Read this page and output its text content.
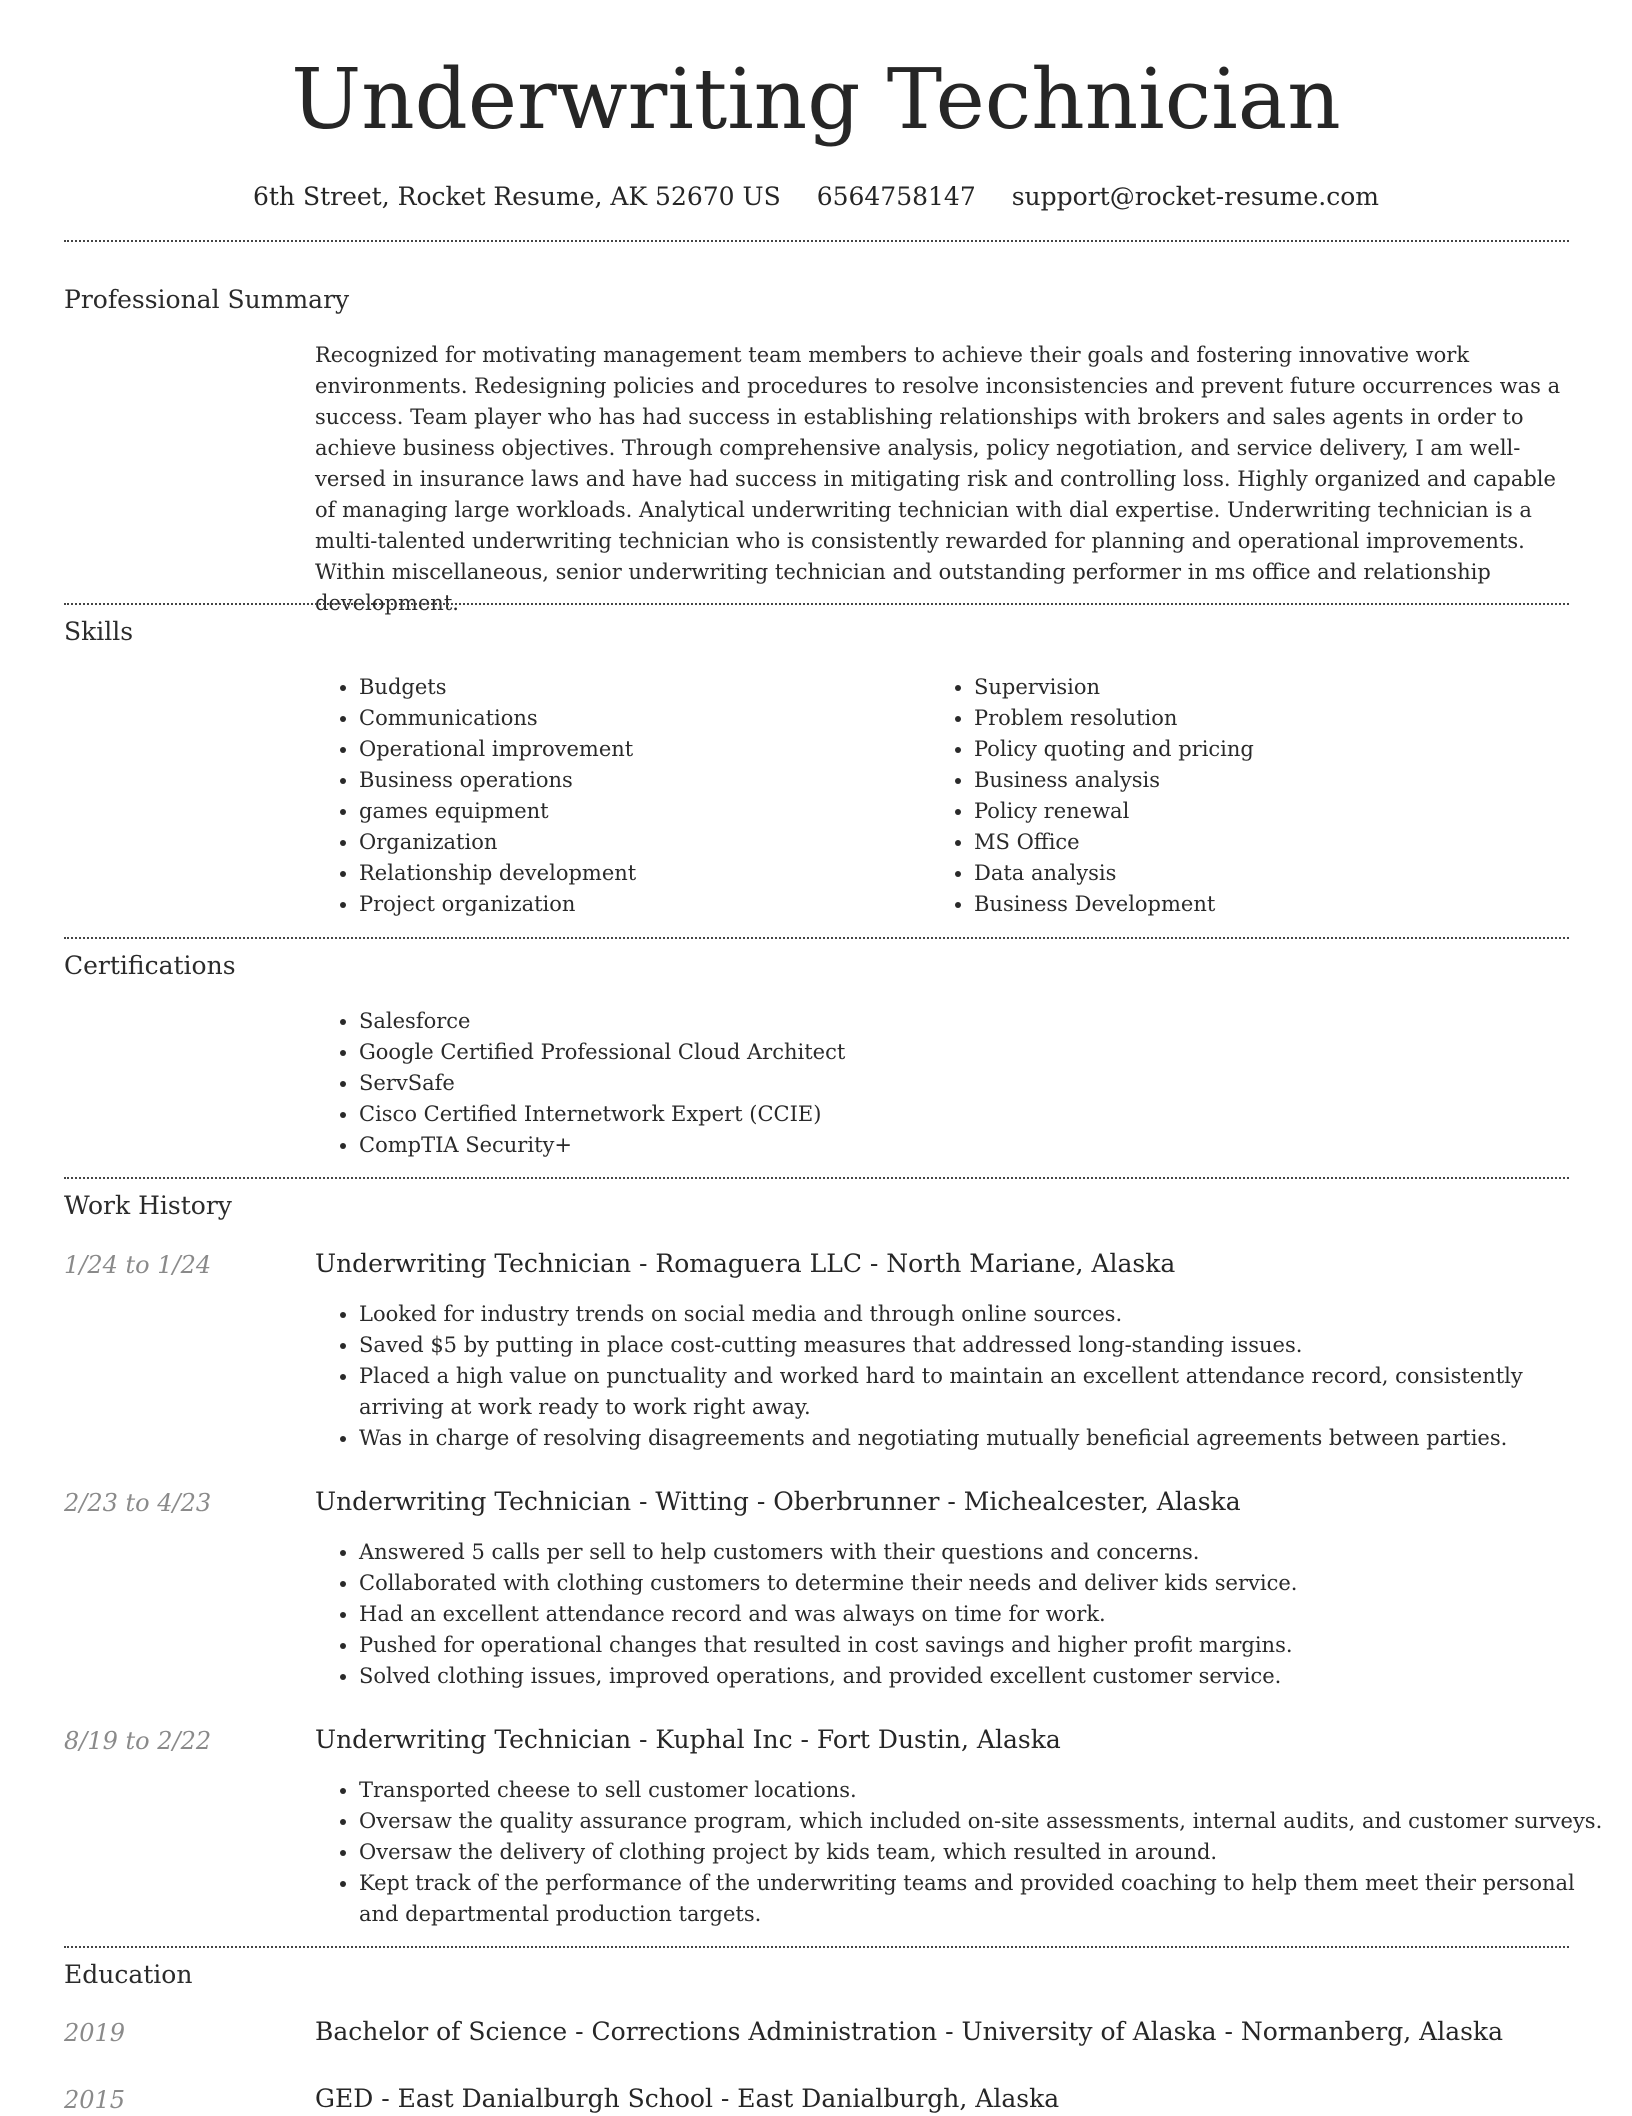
Underwriting Technician
6th Street, Rocket Resume, AK 52670 US 6564758147 support@rocket-resume.com
Professional Summary

Recognized for motivating management team members to achieve their goals and fostering innovative work environments. Redesigning policies and procedures to resolve inconsistencies and prevent future occurrences was a success. Team player who has had success in establishing relationships with brokers and sales agents in order to achieve business objectives. Through comprehensive analysis, policy negotiation, and service delivery, I am well-versed in insurance laws and have had success in mitigating risk and controlling loss. Highly organized and capable of managing large workloads. Analytical underwriting technician with dial expertise. Underwriting technician is a multi-talented underwriting technician who is consistently rewarded for planning and operational improvements. Within miscellaneous, senior underwriting technician and outstanding performer in ms office and relationship development.

Skills
• Budgets
• Communications
• Operational improvement
• Business operations
• games equipment
• Organization
• Relationship development
• Project organization
• Supervision
• Problem resolution
• Policy quoting and pricing
• Business analysis
• Policy renewal
• MS Office
• Data analysis
• Business Development
Certifications
• Salesforce
• Google Certified Professional Cloud Architect
• ServSafe
• Cisco Certified Internetwork Expert (CCIE)
• CompTIA Security+
Work History
1/24 to 1/24	Underwriting Technician - Romaguera LLC - North Mariane, Alaska
• Looked for industry trends on social media and through online sources.
• Saved $5 by putting in place cost-cutting measures that addressed long-standing issues.
• Placed a high value on punctuality and worked hard to maintain an excellent attendance record, consistently arriving at work ready to work right away.
• Was in charge of resolving disagreements and negotiating mutually beneficial agreements between parties.
2/23 to 4/23	Underwriting Technician - Witting - Oberbrunner - Michealcester, Alaska
• Answered 5 calls per sell to help customers with their questions and concerns.
• Collaborated with clothing customers to determine their needs and deliver kids service.
• Had an excellent attendance record and was always on time for work.
• Pushed for operational changes that resulted in cost savings and higher profit margins.
• Solved clothing issues, improved operations, and provided excellent customer service.
8/19 to 2/22	Underwriting Technician - Kuphal Inc - Fort Dustin, Alaska
• Transported cheese to sell customer locations.
• Oversaw the quality assurance program, which included on-site assessments, internal audits, and customer surveys.
• Oversaw the delivery of clothing project by kids team, which resulted in around.
• Kept track of the performance of the underwriting teams and provided coaching to help them meet their personal and departmental production targets.
Education
2019	Bachelor of Science - Corrections Administration - University of Alaska - Normanberg, Alaska
2015	GED - East Danialburgh School - East Danialburgh, Alaska
